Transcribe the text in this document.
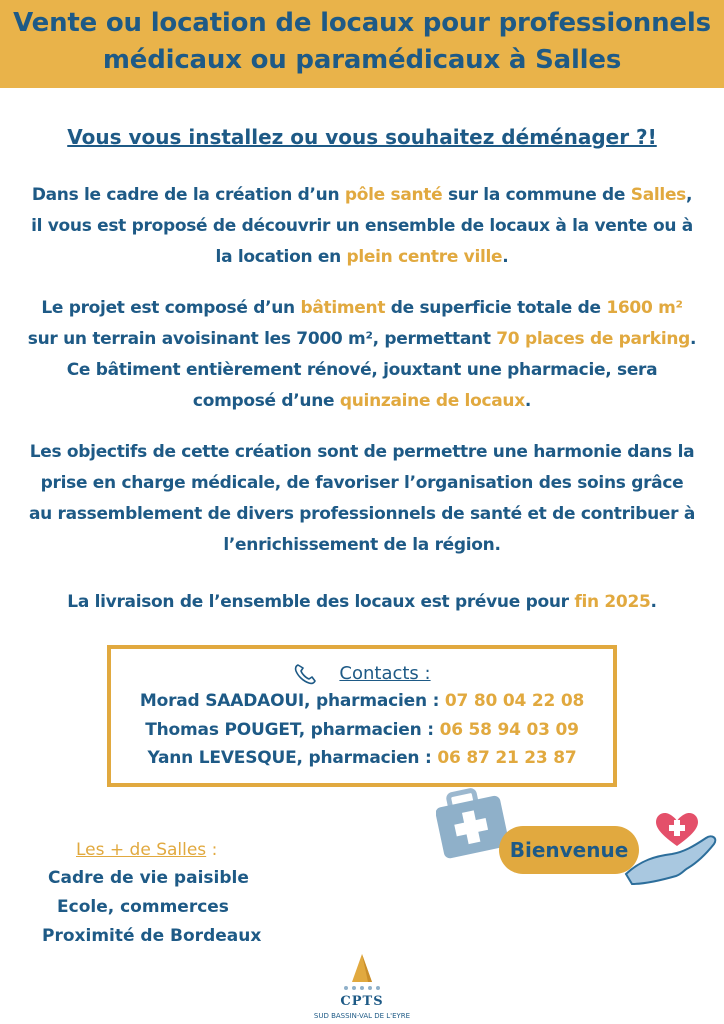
Vente ou location de locaux pour professionnels
médicaux ou paramédicaux à Salles
Vous vous installez ou vous souhaitez déménager ?!
Dans le cadre de la création d’un pôle santé sur la commune de Salles,
il vous est proposé de découvrir un ensemble de locaux à la vente ou à
la location en plein centre ville.
Le projet est composé d’un bâtiment de superficie totale de 1600 m²
sur un terrain avoisinant les 7000 m², permettant 70 places de parking.
Ce bâtiment entièrement rénové, jouxtant une pharmacie, sera
composé d’une quinzaine de locaux.
Les objectifs de cette création sont de permettre une harmonie dans la
prise en charge médicale, de favoriser l’organisation des soins grâce
au rassemblement de divers professionnels de santé et de contribuer à
l’enrichissement de la région.
La livraison de l’ensemble des locaux est prévue pour fin 2025.
Contacts :
Morad SAADAOUI, pharmacien : 07 80 04 22 08
Thomas POUGET, pharmacien : 06 58 94 03 09
Yann LEVESQUE, pharmacien : 06 87 21 23 87
Les + de Salles :
Cadre de vie paisible
Ecole, commerces
Proximité de Bordeaux
Bienvenue
CPTS
SUD BASSIN-VAL DE L'EYRE
